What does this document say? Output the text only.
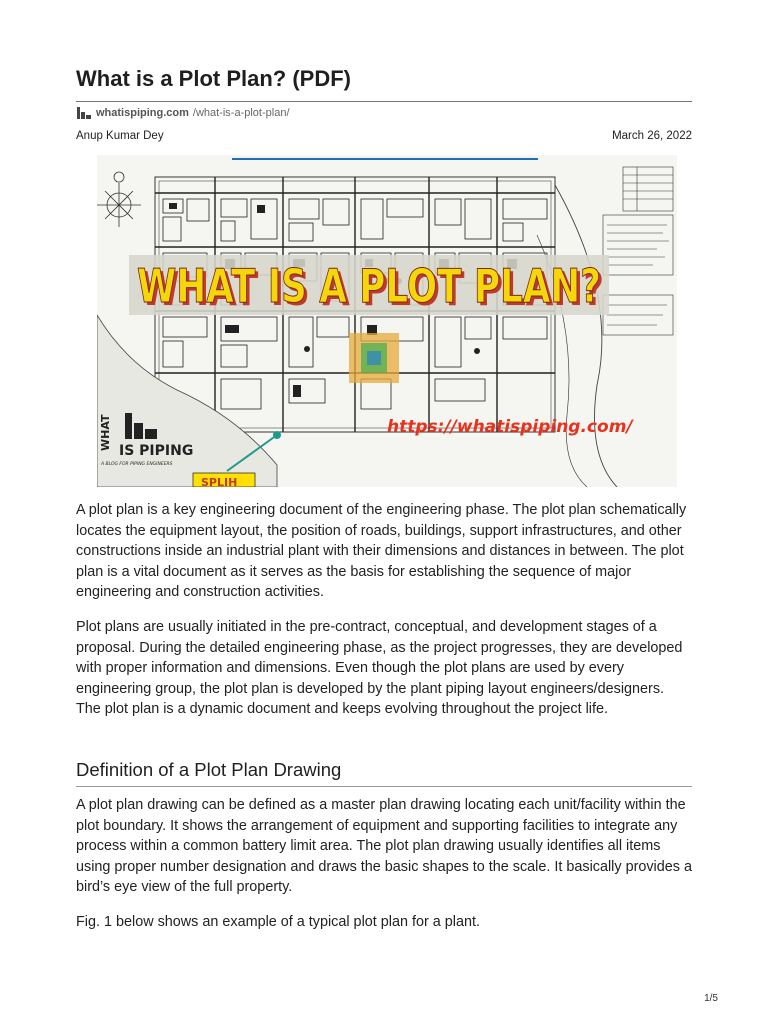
What is a Plot Plan? (PDF)
whatispiping.com /what-is-a-plot-plan/
Anup Kumar Dey	March 26, 2022
WHAT IS A PLOT PLAN?
WHAT IS A PLOT PLAN?
https://whatispiping.com/
WHAT IS PIPING
A BLOG FOR PIPING ENGINEERS
SPLIH

A plot plan is a key engineering document of the engineering phase. The plot plan schematically locates the equipment layout, the position of roads, buildings, support infrastructures, and other constructions inside an industrial plant with their dimensions and distances in between. The plot plan is a vital document as it serves as the basis for establishing the sequence of major engineering and construction activities.

Plot plans are usually initiated in the pre-contract, conceptual, and development stages of a proposal. During the detailed engineering phase, as the project progresses, they are developed with proper information and dimensions. Even though the plot plans are used by every engineering group, the plot plan is developed by the plant piping layout engineers/designers. The plot plan is a dynamic document and keeps evolving throughout the project life.

Definition of a Plot Plan Drawing

A plot plan drawing can be defined as a master plan drawing locating each unit/facility within the plot boundary. It shows the arrangement of equipment and supporting facilities to integrate any process within a common battery limit area. The plot plan drawing usually identifies all items using proper number designation and draws the basic shapes to the scale. It basically provides a bird’s eye view of the full property.

Fig. 1 below shows an example of a typical plot plan for a plant.

1/5
